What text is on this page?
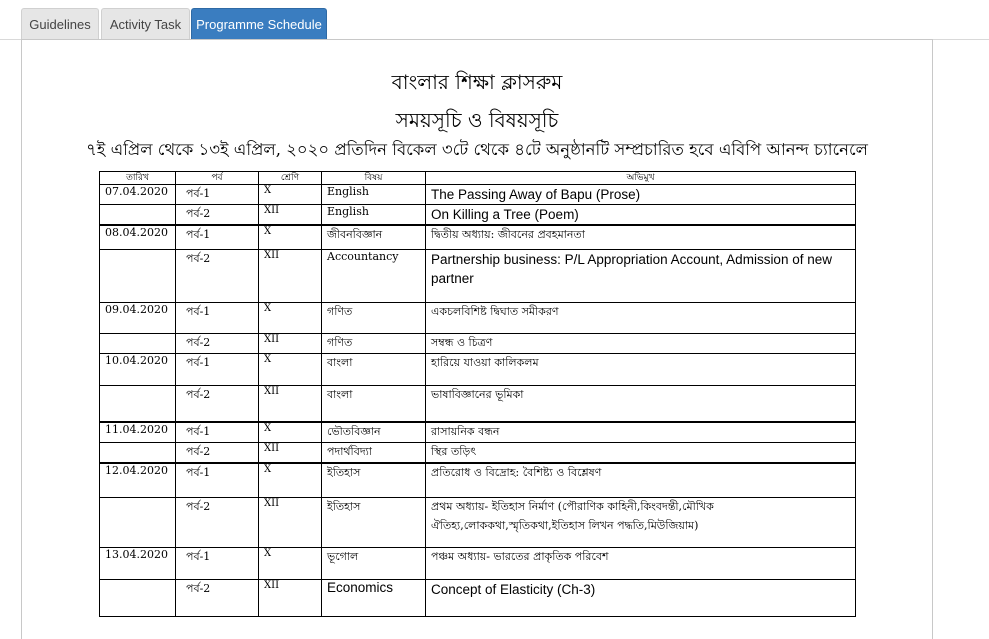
Guidelines	Activity Task	Programme Schedule
বাংলার শিক্ষা ক্লাসরুম
সময়সূচি ও বিষয়সূচি
৭ই এপ্রিল থেকে ১৩ই এপ্রিল, ২০২০ প্রতিদিন বিকেল ৩টে থেকে ৪টে অনুষ্ঠানটি সম্প্রচারিত হবে এবিপি আনন্দ চ্যানেলে
তারিখ	পর্ব	শ্রেণি	বিষয়	অভিমুখ
07.04.2020	পর্ব-1	X	English	The Passing Away of Bapu (Prose)
	পর্ব-2	XII	English	On Killing a Tree (Poem)
08.04.2020	পর্ব-1	X	জীবনবিজ্ঞান	দ্বিতীয় অধ্যায়: জীবনের প্রবহমানতা
	পর্ব-2	XII	Accountancy	Partnership business: P/L Appropriation Account, Admission of new partner
09.04.2020	পর্ব-1	X	গণিত	একচলবিশিষ্ট দ্বিঘাত সমীকরণ
	পর্ব-2	XII	গণিত	সম্বন্ধ ও চিত্রণ
10.04.2020	পর্ব-1	X	বাংলা	হারিয়ে যাওয়া কালিকলম
	পর্ব-2	XII	বাংলা	ভাষাবিজ্ঞানের ভূমিকা
11.04.2020	পর্ব-1	X	ভৌতবিজ্ঞান	রাসায়নিক বন্ধন
	পর্ব-2	XII	পদার্থবিদ্যা	স্থির তড়িৎ
12.04.2020	পর্ব-1	X	ইতিহাস	প্রতিরোধ ও বিদ্রোহ: বৈশিষ্ট্য ও বিশ্লেষণ
	পর্ব-2	XII	ইতিহাস	প্রথম অধ্যায়- ইতিহাস নির্মাণ (পৌরাণিক কাহিনী,কিংবদন্তী,মৌখিক ঐতিহ্য,লোককথা,স্মৃতিকথা,ইতিহাস লিখন পদ্ধতি,মিউজিয়াম)
13.04.2020	পর্ব-1	X	ভূগোল	পঞ্চম অধ্যায়- ভারতের প্রাকৃতিক পরিবেশ
	পর্ব-2	XII	Economics	Concept of Elasticity (Ch-3)
